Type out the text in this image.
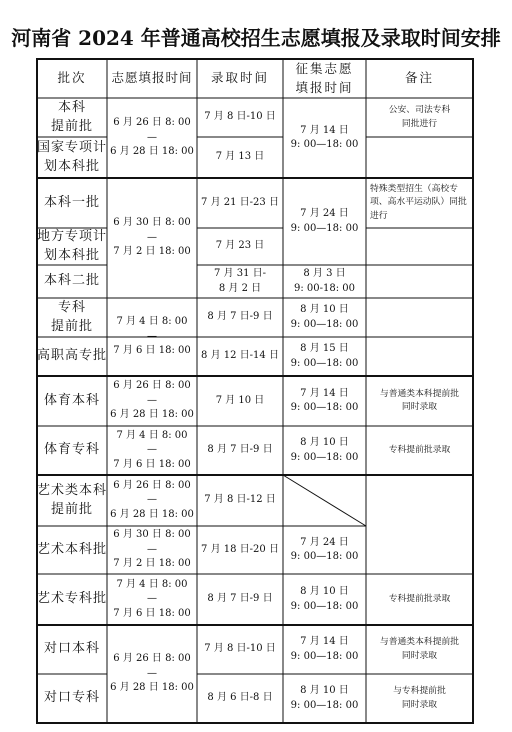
河南省 2024 年普通高校招生志愿填报及录取时间安排
批次 志愿填报时间 录取时间
征集志愿
填报时间
备注
本科
提前批
国家专项计
划本科批
本科一批
地方专项计
划本科批
本科二批
专科
提前批
高职高专批
体育本科
体育专科
艺术类本科
提前批
艺术本科批
艺术专科批
对口本科
对口专科
6 月 26 日 8: 00
—
6 月 28 日 18: 00
6 月 30 日 8: 00
—
7 月 2 日 18: 00
7 月 4 日 8: 00
—
7 月 6 日 18: 00
6 月 26 日 8: 00
—
6 月 28 日 18: 00
7 月 4 日 8: 00
—
7 月 6 日 18: 00
6 月 26 日 8: 00
—
6 月 28 日 18: 00
6 月 30 日 8: 00
—
7 月 2 日 18: 00
7 月 4 日 8: 00
—
7 月 6 日 18: 00
6 月 26 日 8: 00
—
6 月 28 日 18: 00
7 月 8 日-10 日
7 月 13 日
7 月 21 日-23 日
7 月 23 日
7 月 31 日-
8 月 2 日
8 月 7 日-9 日
8 月 12 日-14 日
7 月 10 日
8 月 7 日-9 日
7 月 8 日-12 日
7 月 18 日-20 日
8 月 7 日-9 日
7 月 8 日-10 日
8 月 6 日-8 日
7 月 14 日
9: 00—18: 00
7 月 24 日
9: 00—18: 00
8 月 3 日
9: 00-18: 00
8 月 10 日
9: 00—18: 00
8 月 15 日
9: 00—18: 00
7 月 14 日
9: 00—18: 00
8 月 10 日
9: 00—18: 00
7 月 24 日
9: 00—18: 00
8 月 10 日
9: 00—18: 00
7 月 14 日
9: 00—18: 00
8 月 10 日
9: 00—18: 00
公安、司法专科
同批进行
特殊类型招生（高校专项、高水平运动队）同批进行
与普通类本科提前批
同时录取
专科提前批录取
专科提前批录取
与普通类本科提前批
同时录取
与专科提前批
同时录取
